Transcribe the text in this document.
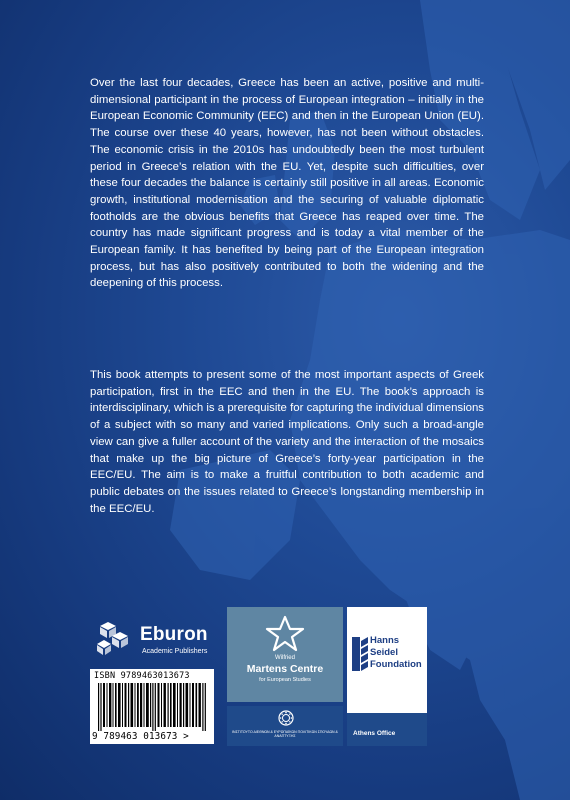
Over the last four decades, Greece has been an active, positive and multi-dimensional participant in the process of European integration – initially in the European Economic Community (EEC) and then in the European Union (EU). The course over these 40 years, however, has not been without obstacles. The economic crisis in the 2010s has undoubtedly been the most turbulent period in Greece’s relation with the EU. Yet, despite such difficulties, over these four decades the balance is certainly still positive in all areas. Economic growth, institutional modernisation and the securing of valuable diplomatic footholds are the obvious benefits that Greece has reaped over time. The country has made significant progress and is today a vital member of the European family. It has benefited by being part of the European integration process, but has also positively contributed to both the widening and the deepening of this process.
This book attempts to present some of the most important aspects of Greek participation, first in the EEC and then in the EU. The book’s approach is interdisciplinary, which is a prerequisite for capturing the individual dimensions of a subject with so many and varied implications. Only such a broad-angle view can give a fuller account of the variety and the interaction of the mosaics that make up the big picture of Greece’s forty-year participation in the EEC/EU. The aim is to make a fruitful contribution to both academic and public debates on the issues related to Greece’s longstanding membership in the EEC/EU.
Eburon
Academic Publishers
ISBN 9789463013673
9 789463 013673 >
Wilfried
Martens Centre
for European Studies
ΙΝΣΤΙΤΟΥΤΟ ΔΙΕΘΝΩΝ & ΕΥΡΩΠΑΪΚΩΝ ΠΟΛΙΤΙΚΩΝ ΣΠΟΥΔΩΝ & ΑΝΑΠΤΥΞΗΣ
Hanns
Seidel
Foundation
Athens Office
